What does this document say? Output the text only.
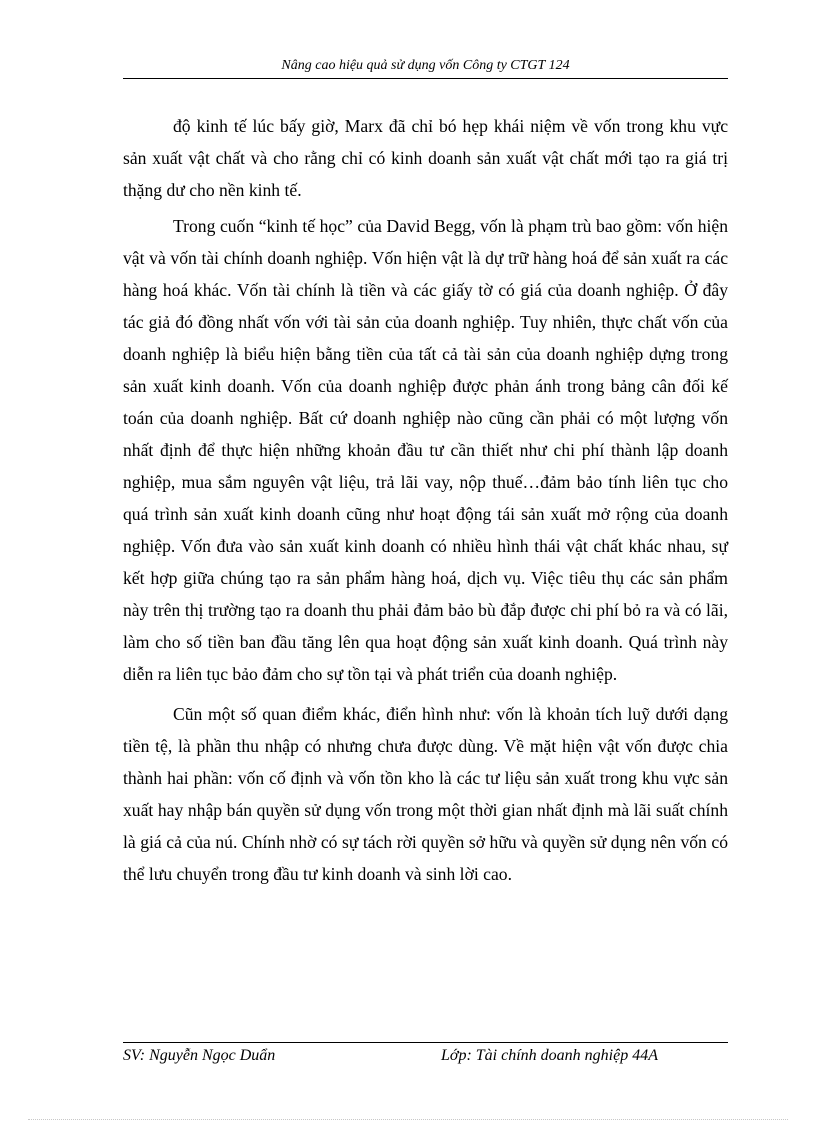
Nâng cao hiệu quả sử dụng vốn Công ty CTGT 124

độ kinh tế lúc bấy giờ, Marx đã chỉ bó hẹp khái niệm về vốn trong khu vực sản xuất vật chất và cho rằng chỉ có kinh doanh sản xuất vật chất mới tạo ra giá trị thặng dư cho nền kinh tế.

Trong cuốn “kinh tế học” của David Begg, vốn là phạm trù bao gồm: vốn hiện vật và vốn tài chính doanh nghiệp. Vốn hiện vật là dự trữ hàng hoá để sản xuất ra các hàng hoá khác. Vốn tài chính là tiền và các giấy tờ có giá của doanh nghiệp. Ở đây tác giả đó đồng nhất vốn với tài sản của doanh nghiệp. Tuy nhiên, thực chất vốn của doanh nghiệp là biểu hiện bằng tiền của tất cả tài sản của doanh nghiệp dựng trong sản xuất kinh doanh. Vốn của doanh nghiệp được phản ánh trong bảng cân đối kế toán của doanh nghiệp. Bất cứ doanh nghiệp nào cũng cần phải có một lượng vốn nhất định để thực hiện những khoản đầu tư cần thiết như chi phí thành lập doanh nghiệp, mua sắm nguyên vật liệu, trả lãi vay, nộp thuế…đảm bảo tính liên tục cho quá trình sản xuất kinh doanh cũng như hoạt động tái sản xuất mở rộng của doanh nghiệp. Vốn đưa vào sản xuất kinh doanh có nhiều hình thái vật chất khác nhau, sự kết hợp giữa chúng tạo ra sản phẩm hàng hoá, dịch vụ. Việc tiêu thụ các sản phẩm này trên thị trường tạo ra doanh thu phải đảm bảo bù đắp được chi phí bỏ ra và có lãi, làm cho số tiền ban đầu tăng lên qua hoạt động sản xuất kinh doanh. Quá trình này diễn ra liên tục bảo đảm cho sự tồn tại và phát triển của doanh nghiệp.

Cũn một số quan điểm khác, điển hình như: vốn là khoản tích luỹ dưới dạng tiền tệ, là phần thu nhập có nhưng chưa được dùng. Về mặt hiện vật vốn được chia thành hai phần: vốn cố định và vốn tồn kho là các tư liệu sản xuất trong khu vực sản xuất hay nhập bán quyền sử dụng vốn trong một thời gian nhất định mà lãi suất chính là giá cả của nú. Chính nhờ có sự tách rời quyền sở hữu và quyền sử dụng nên vốn có thể lưu chuyển trong đầu tư kinh doanh và sinh lời cao.

SV: Nguyễn Ngọc Duẩn	Lớp: Tài chính doanh nghiệp 44A
